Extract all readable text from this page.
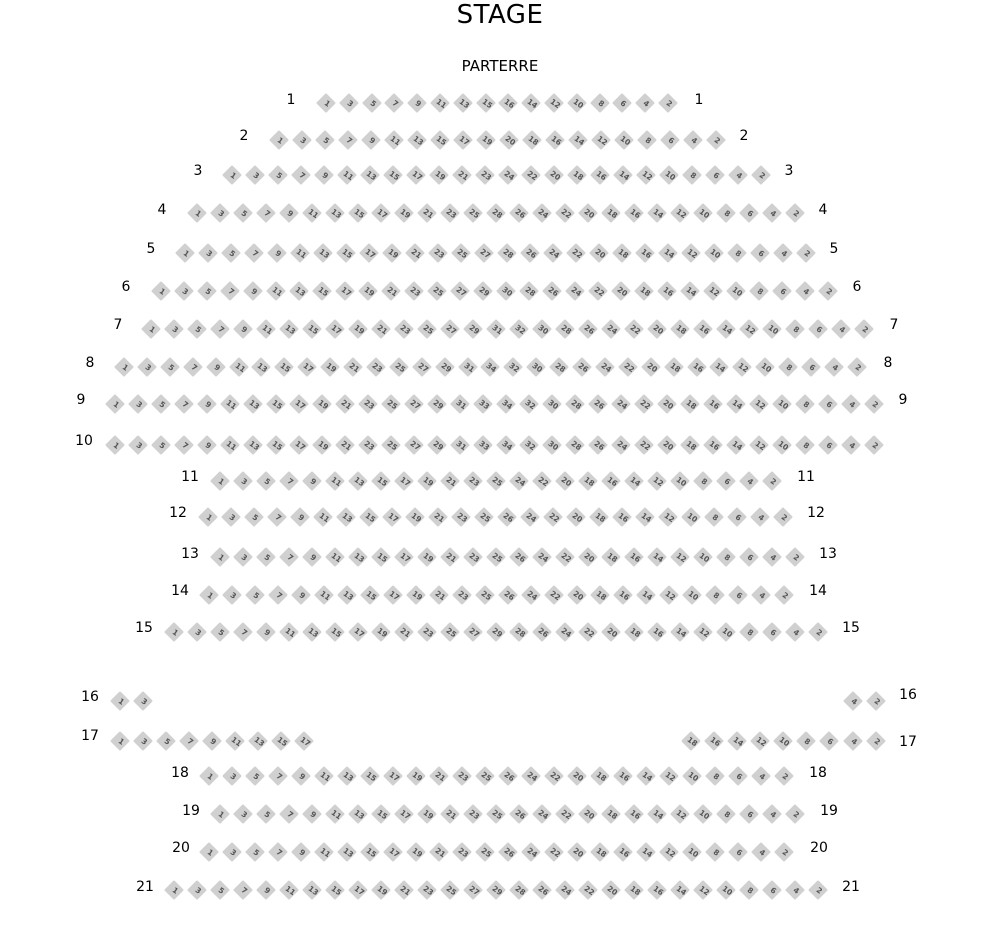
STAGE
PARTERRE
1	3	5	7	9	11	13	15	16	14	12	10	8	6	4	2
1	1
1	3	5	7	9	11	13	15	17	19	20	18	16	14	12	10	8	6	4	2
2	2
1	3	5	7	9	11	13	15	17	19	21	23	24	22	20	18	16	14	12	10	8	6	4	2
3	3
1	3	5	7	9	11	13	15	17	19	21	23	25	28	26	24	22	20	18	16	14	12	10	8	6	4	2
4	4
1	3	5	7	9	11	13	15	17	19	21	23	25	27	28	26	24	22	20	18	16	14	12	10	8	6	4	2
5	5
1	3	5	7	9	11	13	15	17	19	21	23	25	27	29	30	28	26	24	22	20	18	16	14	12	10	8	6	4	2
6	6
1	3	5	7	9	11	13	15	17	19	21	23	25	27	29	31	32	30	28	26	24	22	20	18	16	14	12	10	8	6	4	2
7	7
1	3	5	7	9	11	13	15	17	19	21	23	25	27	29	31	34	32	30	28	26	24	22	20	18	16	14	12	10	8	6	4	2
8	8
1	3	5	7	9	11	13	15	17	19	21	23	25	27	29	31	33	34	32	30	28	26	24	22	20	18	16	14	12	10	8	6	4	2
9	9
1	3	5	7	9	11	13	15	17	19	21	23	25	27	29	31	33	34	32	30	28	26	24	22	20	18	16	14	12	10	8	6	4	2
10
1	3	5	7	9	11	13	15	17	19	21	23	25	24	22	20	18	16	14	12	10	8	6	4	2
11	11
1	3	5	7	9	11	13	15	17	19	21	23	25	26	24	22	20	18	16	14	12	10	8	6	4	2
12	12
1	3	5	7	9	11	13	15	17	19	21	23	25	26	24	22	20	18	16	14	12	10	8	6	4	2
13	13
1	3	5	7	9	11	13	15	17	19	21	23	25	26	24	22	20	18	16	14	12	10	8	6	4	2
14	14
1	3	5	7	9	11	13	15	17	19	21	23	25	27	29	28	26	24	22	20	18	16	14	12	10	8	6	4	2
15	15
1	3	4	2
16	16
1	3	5	7	9	11	13	15	17	18	16	14	12	10	8	6	4	2
17	17
1	3	5	7	9	11	13	15	17	19	21	23	25	26	24	22	20	18	16	14	12	10	8	6	4	2
18	18
1	3	5	7	9	11	13	15	17	19	21	23	25	26	24	22	20	18	16	14	12	10	8	6	4	2
19	19
1	3	5	7	9	11	13	15	17	19	21	23	25	26	24	22	20	18	16	14	12	10	8	6	4	2
20	20
1	3	5	7	9	11	13	15	17	19	21	23	25	27	29	28	26	24	22	20	18	16	14	12	10	8	6	4	2
21	21
